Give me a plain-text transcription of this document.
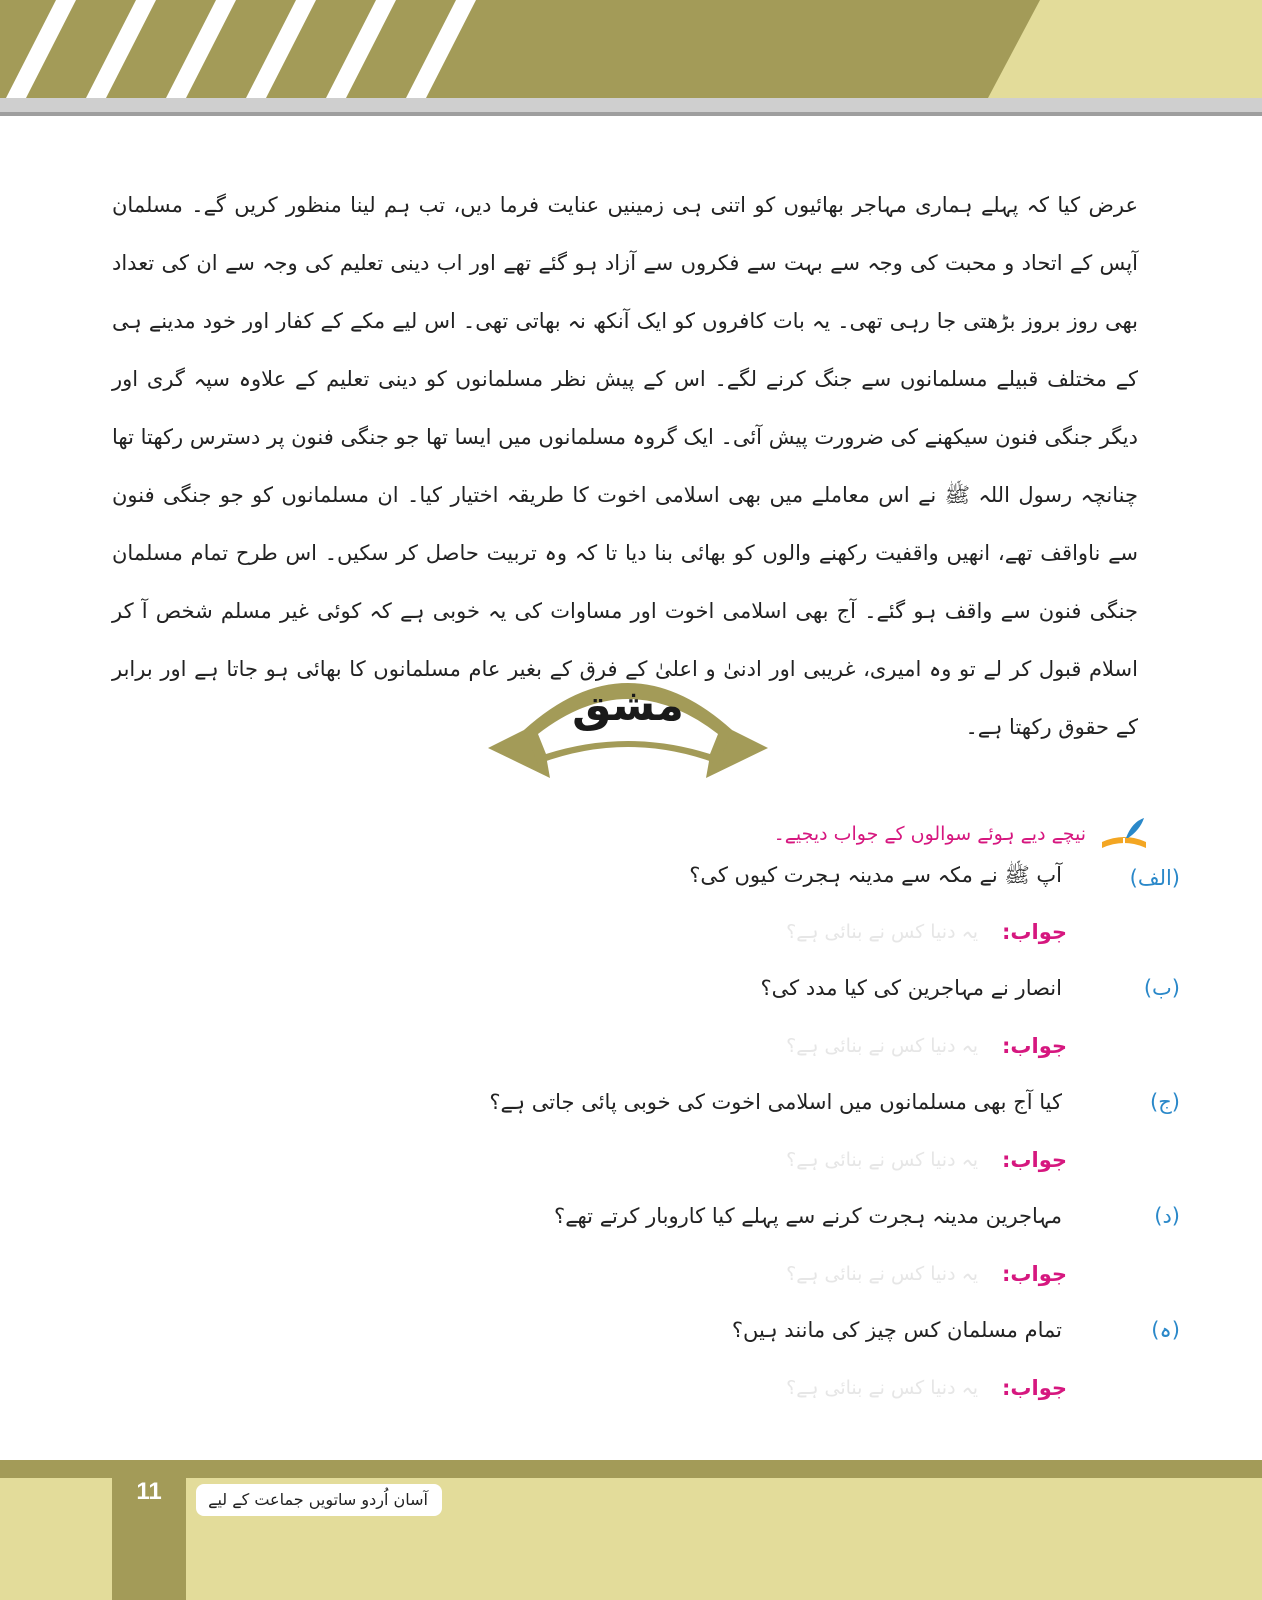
عرض کیا کہ پہلے ہماری مہاجر بھائیوں کو اتنی ہی زمینیں عنایت فرما دیں، تب ہم لینا منظور کریں گے۔ مسلمان آپس کے اتحاد و محبت کی وجہ سے بہت سے فکروں سے آزاد ہو گئے تھے اور اب دینی تعلیم کی وجہ سے ان کی تعداد بھی روز بروز بڑھتی جا رہی تھی۔ یہ بات کافروں کو ایک آنکھ نہ بھاتی تھی۔ اس لیے مکے کے کفار اور خود مدینے ہی کے مختلف قبیلے مسلمانوں سے جنگ کرنے لگے۔ اس کے پیش نظر مسلمانوں کو دینی تعلیم کے علاوہ سپہ گری اور دیگر جنگی فنون سیکھنے کی ضرورت پیش آئی۔ ایک گروہ مسلمانوں میں ایسا تھا جو جنگی فنون پر دسترس رکھتا تھا چنانچہ رسول اللہ ﷺ نے اس معاملے میں بھی اسلامی اخوت کا طریقہ اختیار کیا۔ ان مسلمانوں کو جو جنگی فنون سے ناواقف تھے، انھیں واقفیت رکھنے والوں کو بھائی بنا دیا تا کہ وہ تربیت حاصل کر سکیں۔ اس طرح تمام مسلمان جنگی فنون سے واقف ہو گئے۔ آج بھی اسلامی اخوت اور مساوات کی یہ خوبی ہے کہ کوئی غیر مسلم شخص آ کر اسلام قبول کر لے تو وہ امیری، غریبی اور ادنیٰ و اعلیٰ کے فرق کے بغیر عام مسلمانوں کا بھائی ہو جاتا ہے اور برابر کے حقوق رکھتا ہے۔
مشق
نیچے دیے ہوئے سوالوں کے جواب دیجیے۔
(الف)
آپ ﷺ نے مکہ سے مدینہ ہجرت کیوں کی؟
جواب:
یہ دنیا کس نے بنائی ہے؟
(ب)
انصار نے مہاجرین کی کیا مدد کی؟
جواب:
یہ دنیا کس نے بنائی ہے؟
(ج)
کیا آج بھی مسلمانوں میں اسلامی اخوت کی خوبی پائی جاتی ہے؟
جواب:
یہ دنیا کس نے بنائی ہے؟
(د)
مہاجرین مدینہ ہجرت کرنے سے پہلے کیا کاروبار کرتے تھے؟
جواب:
یہ دنیا کس نے بنائی ہے؟
(ہ)
تمام مسلمان کس چیز کی مانند ہیں؟
جواب:
یہ دنیا کس نے بنائی ہے؟
11	آسان اُردو ساتویں جماعت کے لیے
